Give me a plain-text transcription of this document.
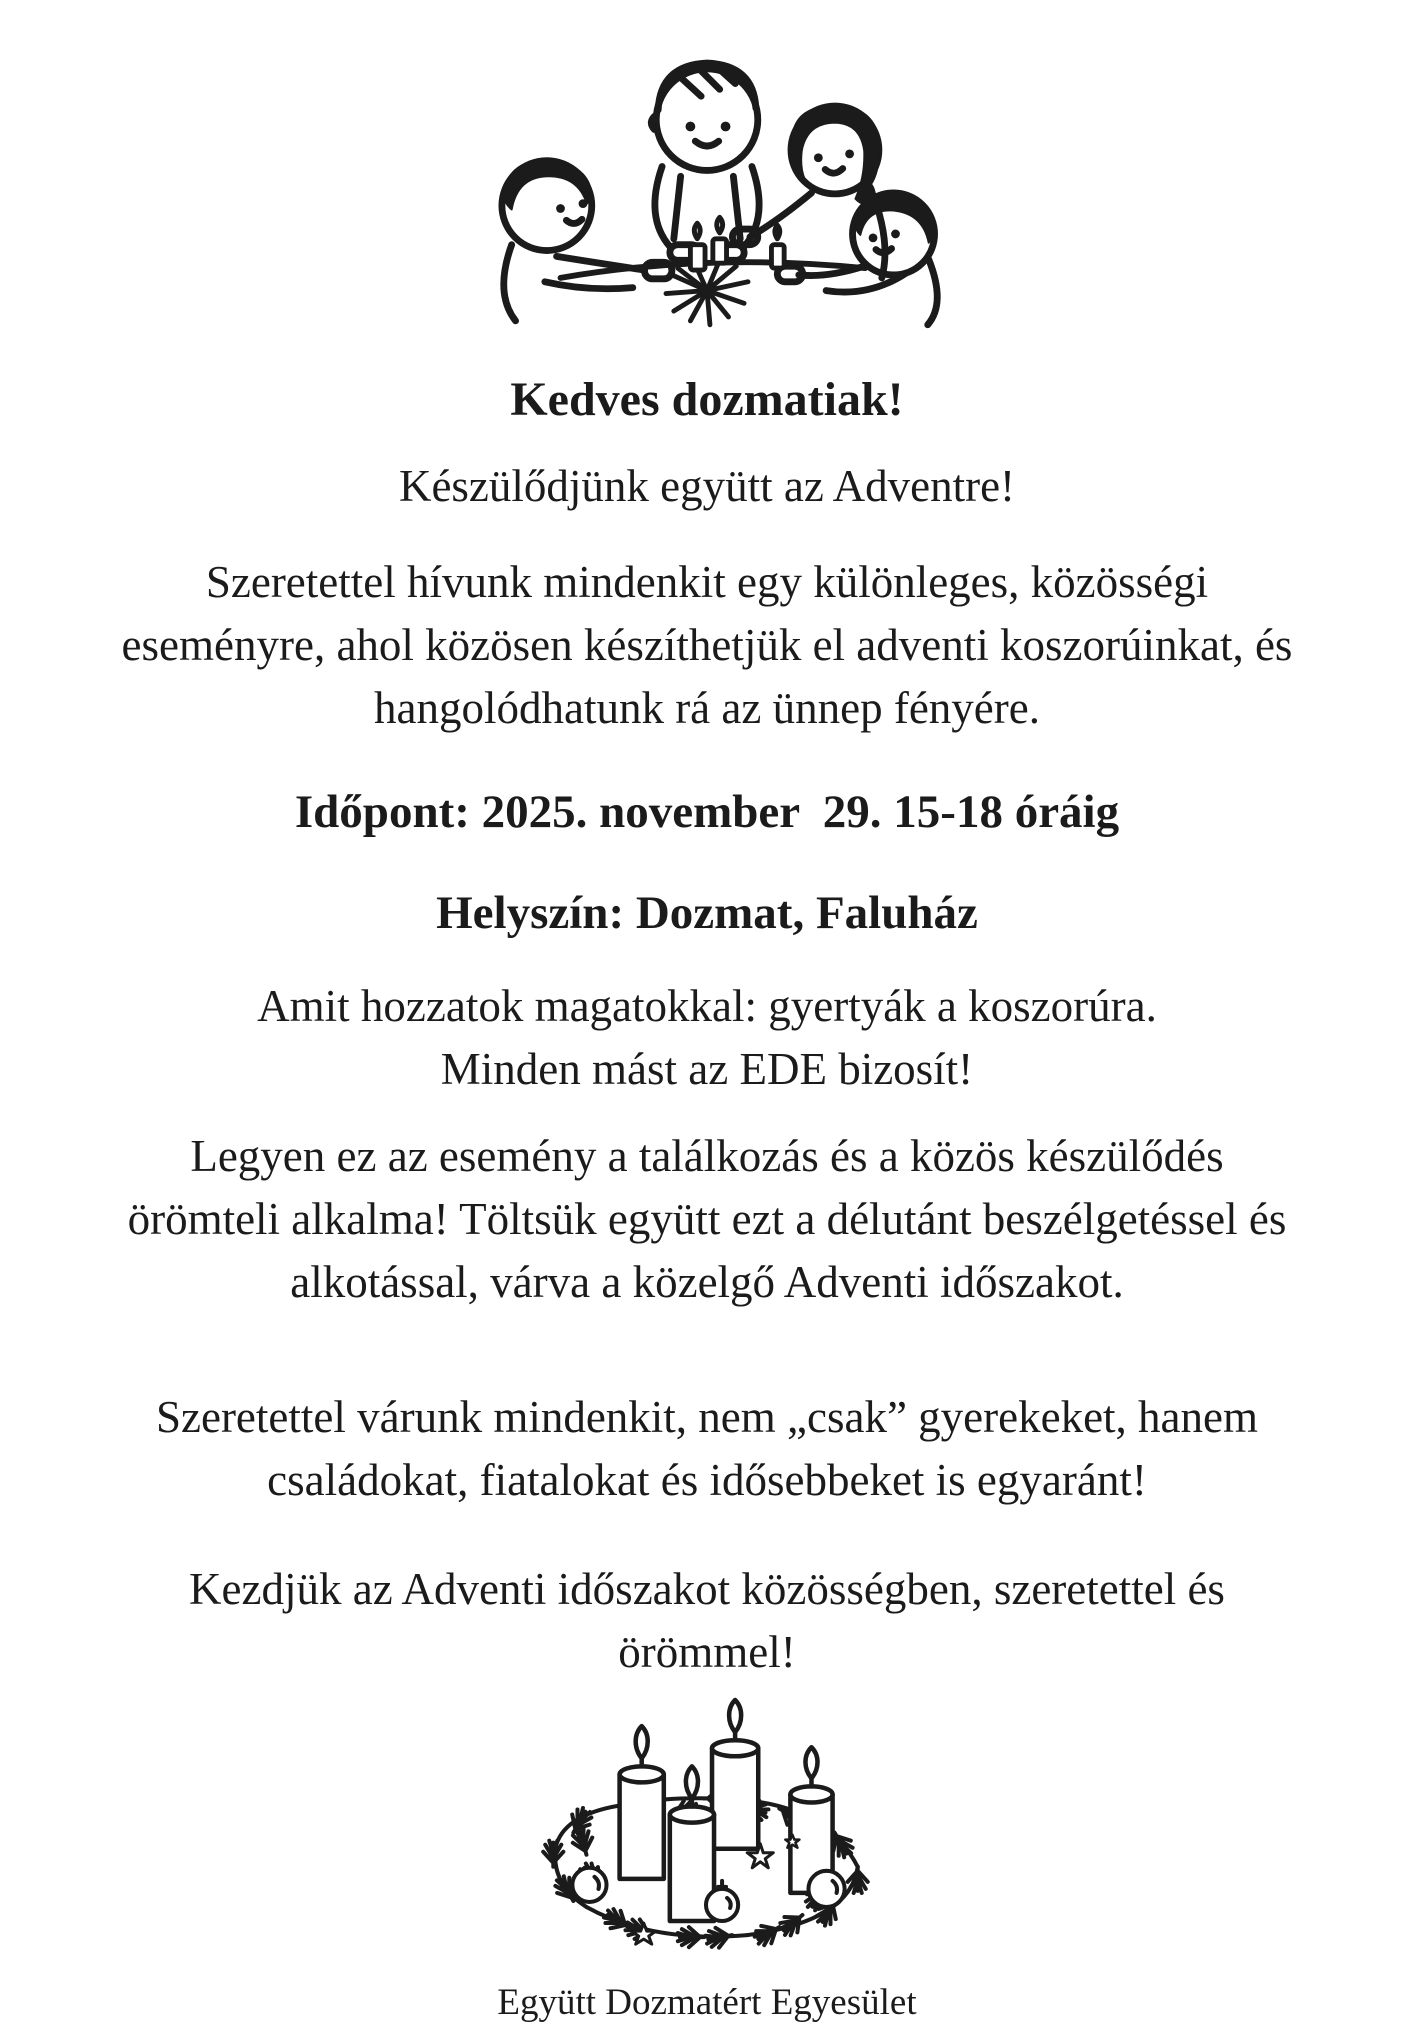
Kedves dozmatiak!

Készülődjünk együtt az Adventre!

Szeretettel hívunk mindenkit egy különleges, közösségi
eseményre, ahol közösen készíthetjük el adventi koszorúinkat, és
hangolódhatunk rá az ünnep fényére.

Időpont: 2025. november  29. 15-18 óráig

Helyszín: Dozmat, Faluház

Amit hozzatok magatokkal: gyertyák a koszorúra.
Minden mást az EDE bizosít!

Legyen ez az esemény a találkozás és a közös készülődés
örömteli alkalma! Töltsük együtt ezt a délutánt beszélgetéssel és
alkotással, várva a közelgő Adventi időszakot.

Szeretettel várunk mindenkit, nem „csak” gyerekeket, hanem
családokat, fiatalokat és idősebbeket is egyaránt!

Kezdjük az Adventi időszakot közösségben, szeretettel és
örömmel!

Együtt Dozmatért Egyesület
